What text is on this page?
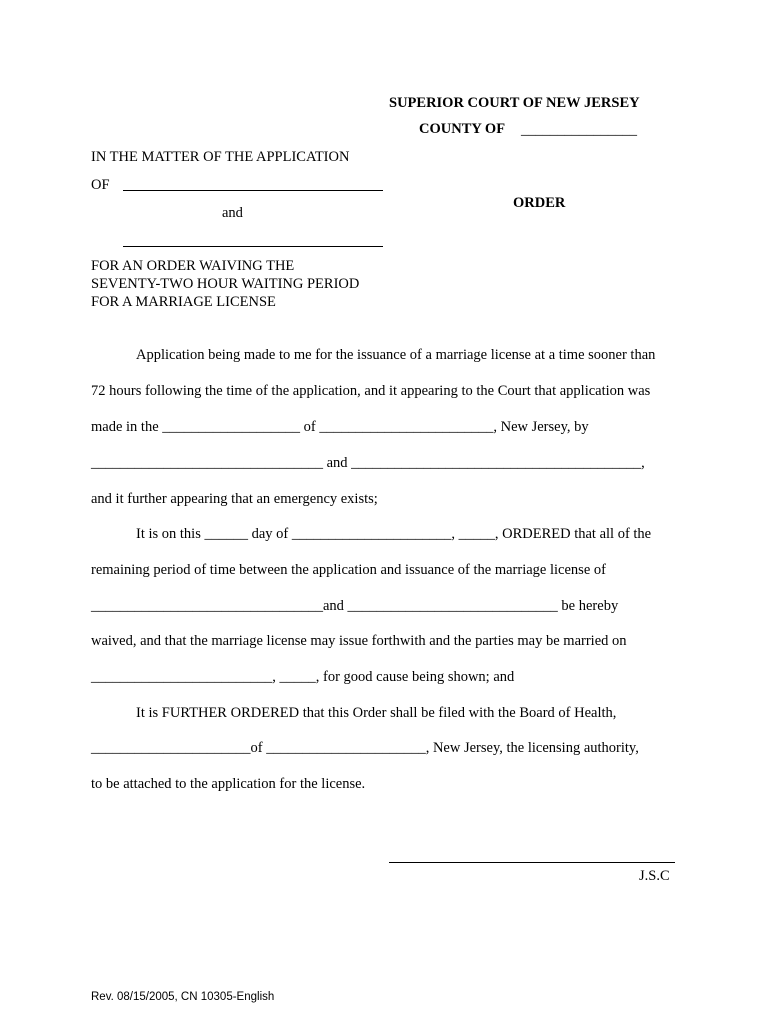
SUPERIOR COURT OF NEW JERSEY
COUNTY OF ________________
IN THE MATTER OF THE APPLICATION
OF
and
FOR AN ORDER WAIVING THE
SEVENTY-TWO HOUR WAITING PERIOD
FOR A MARRIAGE LICENSE
ORDER
Application being made to me for the issuance of a marriage license at a time sooner than
72 hours following the time of the application, and it appearing to the Court that application was
made in the ___________________ of ________________________, New Jersey, by
________________________________ and ________________________________________,
and it further appearing that an emergency exists;
It is on this ______ day of ______________________, _____, ORDERED that all of the
remaining period of time between the application and issuance of the marriage license of
________________________________and _____________________________ be hereby
waived, and that the marriage license may issue forthwith and the parties may be married on
_________________________, _____, for good cause being shown; and
It is FURTHER ORDERED that this Order shall be filed with the Board of Health,
______________________of ______________________, New Jersey, the licensing authority,
to be attached to the application for the license.
J.S.C
Rev. 08/15/2005, CN 10305-English
